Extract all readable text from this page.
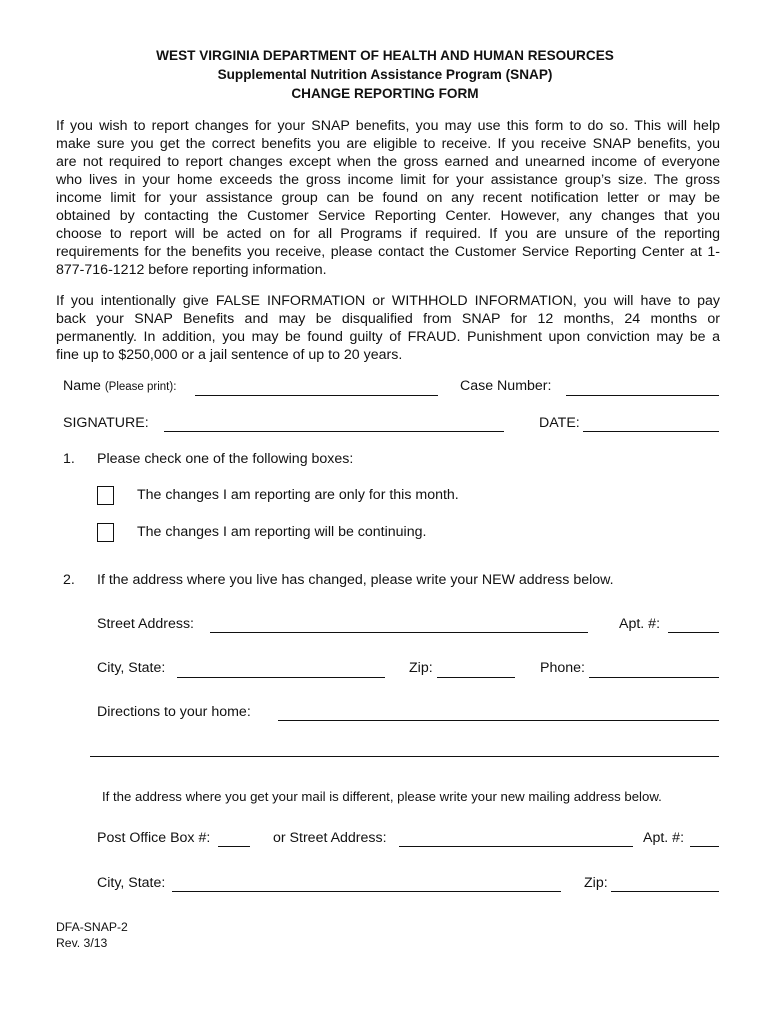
WEST VIRGINIA DEPARTMENT OF HEALTH AND HUMAN RESOURCES
Supplemental Nutrition Assistance Program (SNAP)
CHANGE REPORTING FORM
If you wish to report changes for your SNAP benefits, you may use this form to do so. This will help
make sure you get the correct benefits you are eligible to receive. If you receive SNAP benefits, you
are not required to report changes except when the gross earned and unearned income of everyone
who lives in your home exceeds the gross income limit for your assistance group’s size. The gross
income limit for your assistance group can be found on any recent notification letter or may be
obtained by contacting the Customer Service Reporting Center. However, any changes that you
choose to report will be acted on for all Programs if required. If you are unsure of the reporting
requirements for the benefits you receive, please contact the Customer Service Reporting Center at 1-
877-716-1212 before reporting information.
If you intentionally give FALSE INFORMATION or WITHHOLD INFORMATION, you will have to pay
back your SNAP Benefits and may be disqualified from SNAP for 12 months, 24 months or
permanently. In addition, you may be found guilty of FRAUD. Punishment upon conviction may be a
fine up to $250,000 or a jail sentence of up to 20 years.
Name (Please print):	Case Number:
SIGNATURE:	DATE:
1. Please check one of the following boxes:
The changes I am reporting are only for this month.
The changes I am reporting will be continuing.
2. If the address where you live has changed, please write your NEW address below.
Street Address:	Apt. #:
City, State:	Zip:	Phone:
Directions to your home:
If the address where you get your mail is different, please write your new mailing address below.
Post Office Box #:	or Street Address:	Apt. #:
City, State:	Zip:
DFA-SNAP-2
Rev. 3/13
